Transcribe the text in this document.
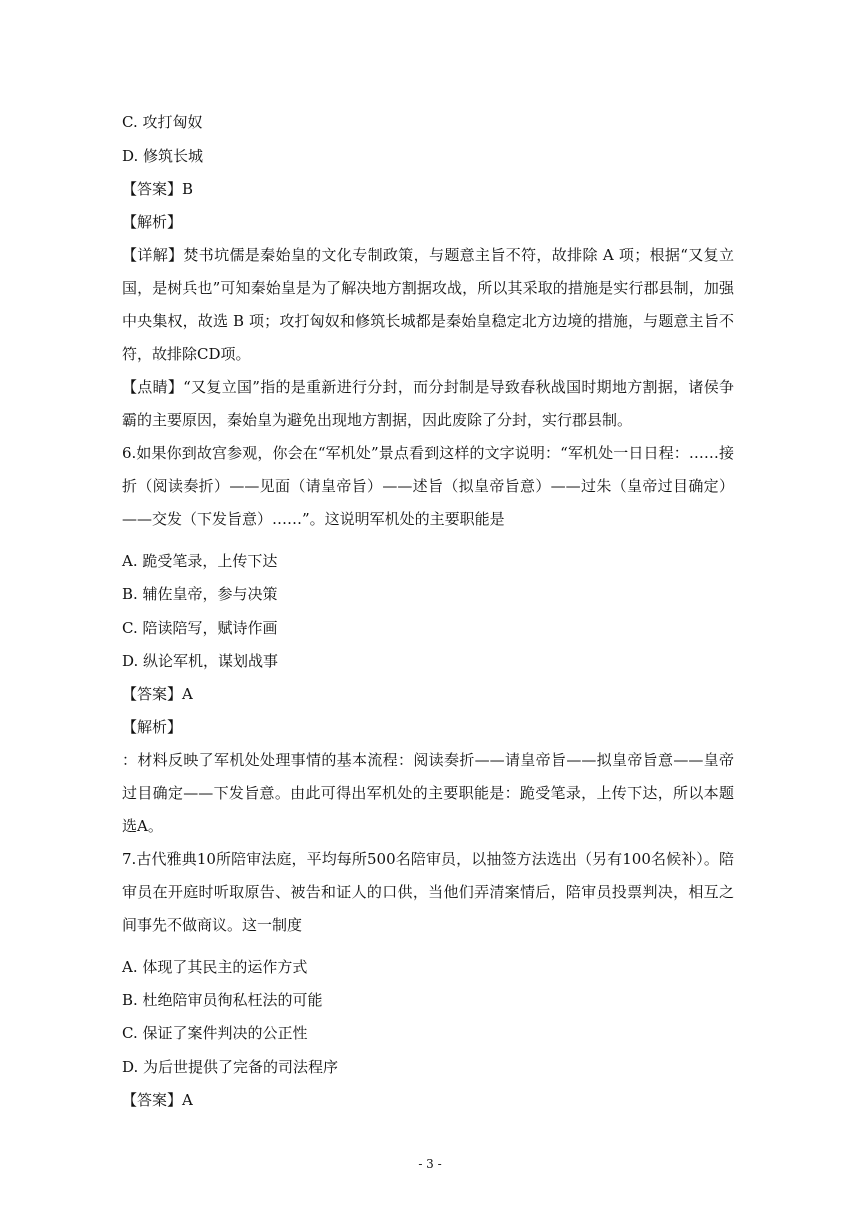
C. 攻打匈奴
D. 修筑长城
【答案】B
【解析】
【详解】焚书坑儒是秦始皇的文化专制政策，与题意主旨不符，故排除 A 项；根据“又复立国，是树兵也”可知秦始皇是为了解决地方割据攻战，所以其采取的措施是实行郡县制，加强中央集权，故选 B 项；攻打匈奴和修筑长城都是秦始皇稳定北方边境的措施，与题意主旨不符，故排除CD项。
【点睛】“又复立国”指的是重新进行分封，而分封制是导致春秋战国时期地方割据，诸侯争霸的主要原因，秦始皇为避免出现地方割据，因此废除了分封，实行郡县制。
6.如果你到故宫参观，你会在“军机处”景点看到这样的文字说明：“军机处一日日程：……接折（阅读奏折）——见面（请皇帝旨）——述旨（拟皇帝旨意）——过朱（皇帝过目确定）——交发（下发旨意）……”。这说明军机处的主要职能是
A. 跪受笔录，上传下达
B. 辅佐皇帝，参与决策
C. 陪读陪写，赋诗作画
D. 纵论军机，谋划战事
【答案】A
【解析】
：材料反映了军机处处理事情的基本流程：阅读奏折——请皇帝旨——拟皇帝旨意——皇帝过目确定——下发旨意。由此可得出军机处的主要职能是：跪受笔录，上传下达，所以本题选A。
7.古代雅典10所陪审法庭，平均每所500名陪审员，以抽签方法选出（另有100名候补）。陪审员在开庭时听取原告、被告和证人的口供，当他们弄清案情后，陪审员投票判决，相互之间事先不做商议。这一制度
A. 体现了其民主的运作方式
B. 杜绝陪审员徇私枉法的可能
C. 保证了案件判决的公正性
D. 为后世提供了完备的司法程序
【答案】A
- 3 -
